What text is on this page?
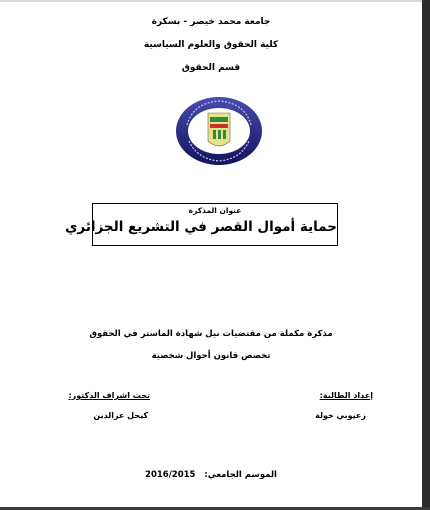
جامعة محمد خيضر - بسكرة
كلية الحقوق والعلوم السياسية
قسم الحقوق
عنوان المذكرة
حماية أموال القصر في التشريع الجزائري
مذكرة مكملة من مقتضيات نيل شهادة الماستر في الحقوق
تخصص قانون أحوال شخصية
إعداد الطالبة:
زعيوبي خولة
تحت اشراف الدكتور:
كيحل عزالدين
2016/2015 الموسم الجامعي:
